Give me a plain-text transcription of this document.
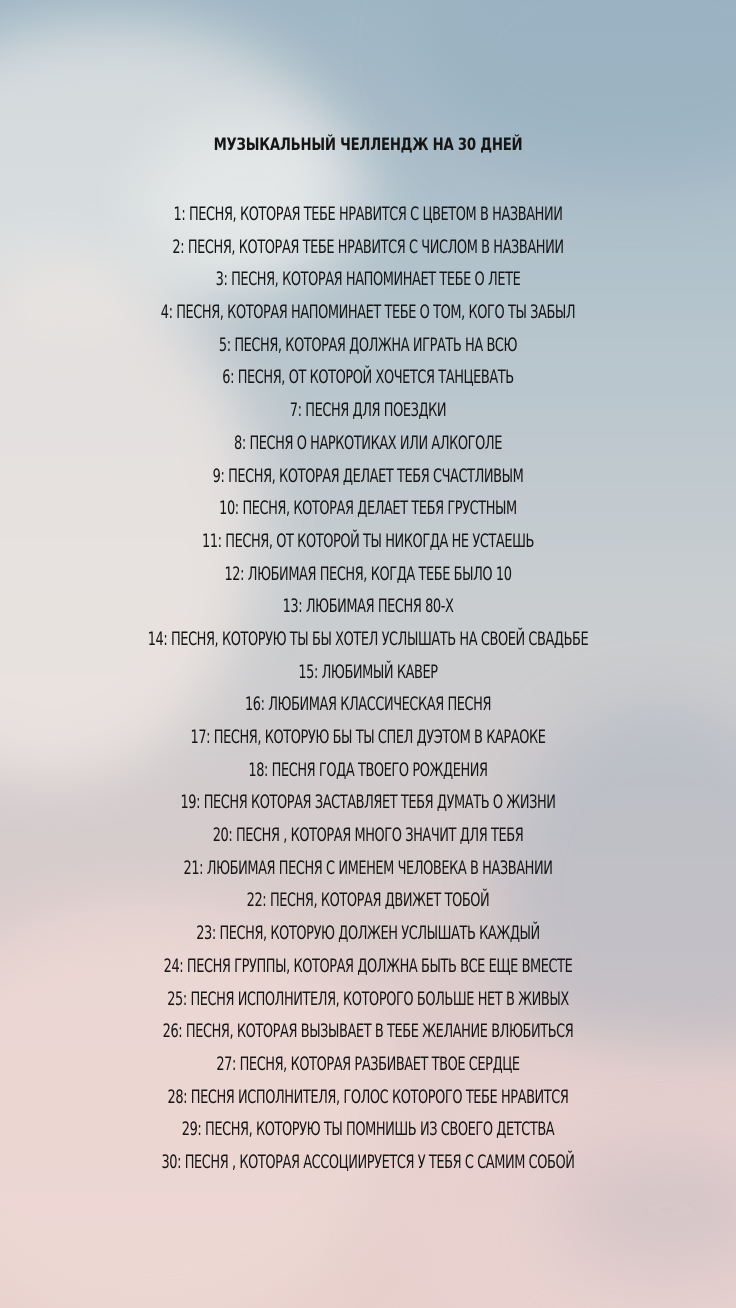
МУЗЫКАЛЬНЫЙ ЧЕЛЛЕНДЖ НА 30 ДНЕЙ
1: ПЕСНЯ, КОТОРАЯ ТЕБЕ НРАВИТСЯ С ЦВЕТОМ В НАЗВАНИИ
2: ПЕСНЯ, КОТОРАЯ ТЕБЕ НРАВИТСЯ С ЧИСЛОМ В НАЗВАНИИ
3: ПЕСНЯ, КОТОРАЯ НАПОМИНАЕТ ТЕБЕ О ЛЕТЕ
4: ПЕСНЯ, КОТОРАЯ НАПОМИНАЕТ ТЕБЕ О ТОМ, КОГО ТЫ ЗАБЫЛ
5: ПЕСНЯ, КОТОРАЯ ДОЛЖНА ИГРАТЬ НА ВСЮ
6: ПЕСНЯ, ОТ КОТОРОЙ ХОЧЕТСЯ ТАНЦЕВАТЬ
7: ПЕСНЯ ДЛЯ ПОЕЗДКИ
8: ПЕСНЯ О НАРКОТИКАХ ИЛИ АЛКОГОЛЕ
9: ПЕСНЯ, КОТОРАЯ ДЕЛАЕТ ТЕБЯ СЧАСТЛИВЫМ
10: ПЕСНЯ, КОТОРАЯ ДЕЛАЕТ ТЕБЯ ГРУСТНЫМ
11: ПЕСНЯ, ОТ КОТОРОЙ ТЫ НИКОГДА НЕ УСТАЕШЬ
12: ЛЮБИМАЯ ПЕСНЯ, КОГДА ТЕБЕ БЫЛО 10
13: ЛЮБИМАЯ ПЕСНЯ 80-Х
14: ПЕСНЯ, КОТОРУЮ ТЫ БЫ ХОТЕЛ УСЛЫШАТЬ НА СВОЕЙ СВАДЬБЕ
15: ЛЮБИМЫЙ КАВЕР
16: ЛЮБИМАЯ КЛАССИЧЕСКАЯ ПЕСНЯ
17: ПЕСНЯ, КОТОРУЮ БЫ ТЫ СПЕЛ ДУЭТОМ В КАРАОКЕ
18: ПЕСНЯ ГОДА ТВОЕГО РОЖДЕНИЯ
19: ПЕСНЯ КОТОРАЯ ЗАСТАВЛЯЕТ ТЕБЯ ДУМАТЬ О ЖИЗНИ
20: ПЕСНЯ , КОТОРАЯ МНОГО ЗНАЧИТ ДЛЯ ТЕБЯ
21: ЛЮБИМАЯ ПЕСНЯ С ИМЕНЕМ ЧЕЛОВЕКА В НАЗВАНИИ
22: ПЕСНЯ, КОТОРАЯ ДВИЖЕТ ТОБОЙ
23: ПЕСНЯ, КОТОРУЮ ДОЛЖЕН УСЛЫШАТЬ КАЖДЫЙ
24: ПЕСНЯ ГРУППЫ, КОТОРАЯ ДОЛЖНА БЫТЬ ВСЕ ЕЩЕ ВМЕСТЕ
25: ПЕСНЯ ИСПОЛНИТЕЛЯ, КОТОРОГО БОЛЬШЕ НЕТ В ЖИВЫХ
26: ПЕСНЯ, КОТОРАЯ ВЫЗЫВАЕТ В ТЕБЕ ЖЕЛАНИЕ ВЛЮБИТЬСЯ
27: ПЕСНЯ, КОТОРАЯ РАЗБИВАЕТ ТВОЕ СЕРДЦЕ
28: ПЕСНЯ ИСПОЛНИТЕЛЯ, ГОЛОС КОТОРОГО ТЕБЕ НРАВИТСЯ
29: ПЕСНЯ, КОТОРУЮ ТЫ ПОМНИШЬ ИЗ СВОЕГО ДЕТСТВА
30: ПЕСНЯ , КОТОРАЯ АССОЦИИРУЕТСЯ У ТЕБЯ С САМИМ СОБОЙ
